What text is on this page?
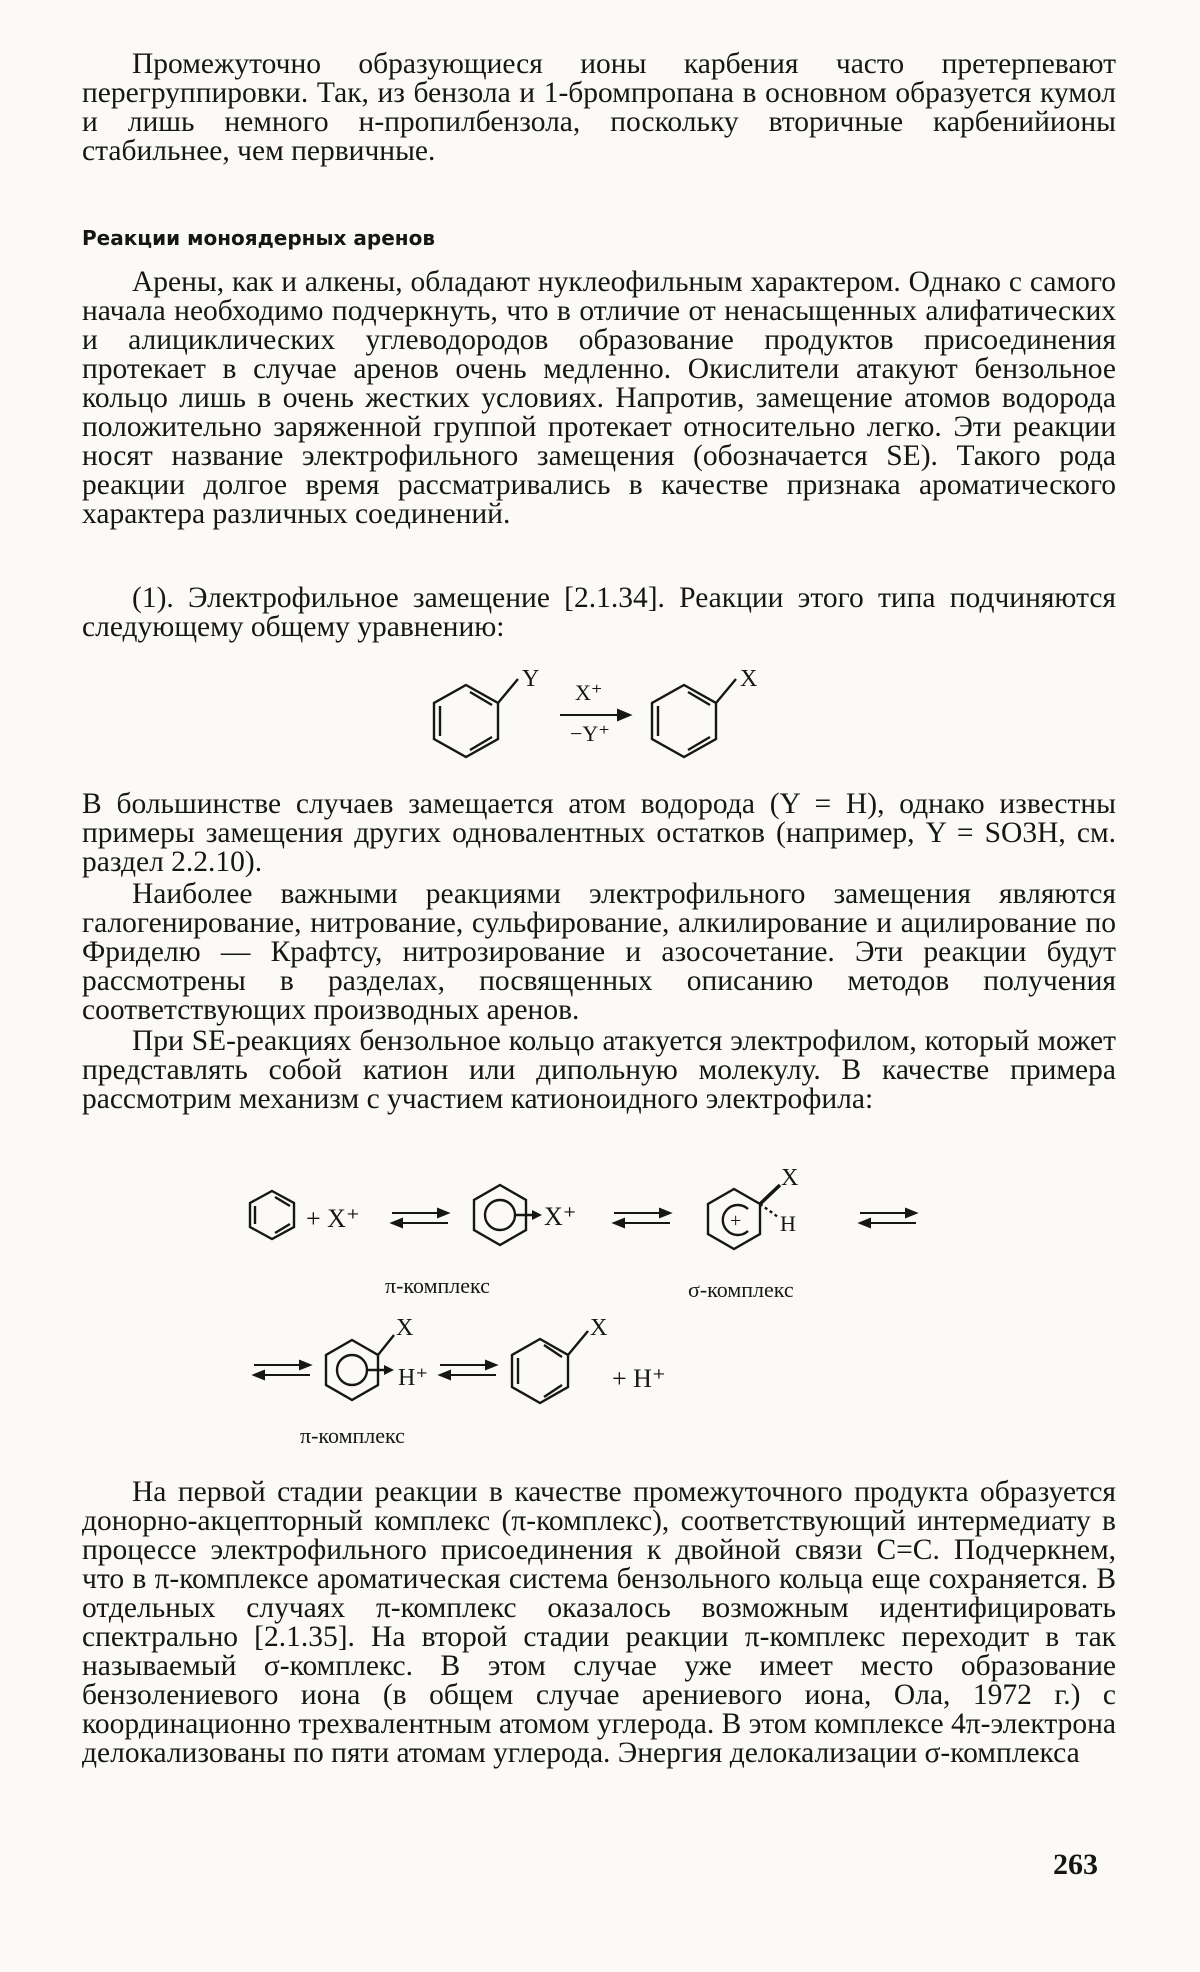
Промежуточно образующиеся ионы карбения часто претерпевают перегруппировки. Так, из бензола и 1-бромпропана в основном образуется кумол и лишь немного н-пропилбензола, поскольку вторичные карбенийионы стабильнее, чем первичные.

Реакции моноядерных аренов

Арены, как и алкены, обладают нуклеофильным характером. Однако с самого начала необходимо подчеркнуть, что в отличие от ненасыщенных алифатических и алициклических углеводородов образование продуктов присоединения протекает в случае аренов очень медленно. Окислители атакуют бензольное кольцо лишь в очень жестких условиях. Напротив, замещение атомов водорода положительно заряженной группой протекает относительно легко. Эти реакции носят название электрофильного замещения (обозначается SE). Такого рода реакции долгое время рассматривались в качестве признака ароматического характера различных соединений.

(1). Электрофильное замещение [2.1.34]. Реакции этого типа подчиняются следующему общему уравнению:

Y
X⁺
−Y⁺
X

В большинстве случаев замещается атом водорода (Y = H), однако известны примеры замещения других одновалентных остатков (например, Y = SO3H, см. раздел 2.2.10).

Наиболее важными реакциями электрофильного замещения являются галогенирование, нитрование, сульфирование, алкилирование и ацилирование по Фриделю — Крафтсу, нитрозирование и азосочетание. Эти реакции будут рассмотрены в разделах, посвященных описанию методов получения соответствующих производных аренов.

При SE-реакциях бензольное кольцо атакуется электрофилом, который может представлять собой катион или дипольную молекулу. В качестве примера рассмотрим механизм с участием катионоидного электрофила:

+ X⁺	X⁺
π-комплекс
+
X
H
σ-комплекс
X
H⁺
π-комплекс
X
+ H⁺

На первой стадии реакции в качестве промежуточного продукта образуется донорно-акцепторный комплекс (π-комплекс), соответствующий интермедиату в процессе электрофильного присоединения к двойной связи C=C. Подчеркнем, что в π-комплексе ароматическая система бензольного кольца еще сохраняется. В отдельных случаях π-комплекс оказалось возможным идентифицировать спектрально [2.1.35]. На второй стадии реакции π-комплекс переходит в так называемый σ-комплекс. В этом случае уже имеет место образование бензолениевого иона (в общем случае арениевого иона, Ола, 1972 г.) с координационно трехвалентным атомом углерода. В этом комплексе 4π-электрона делокализованы по пяти атомам углерода. Энергия делокализации σ-комплекса

263
